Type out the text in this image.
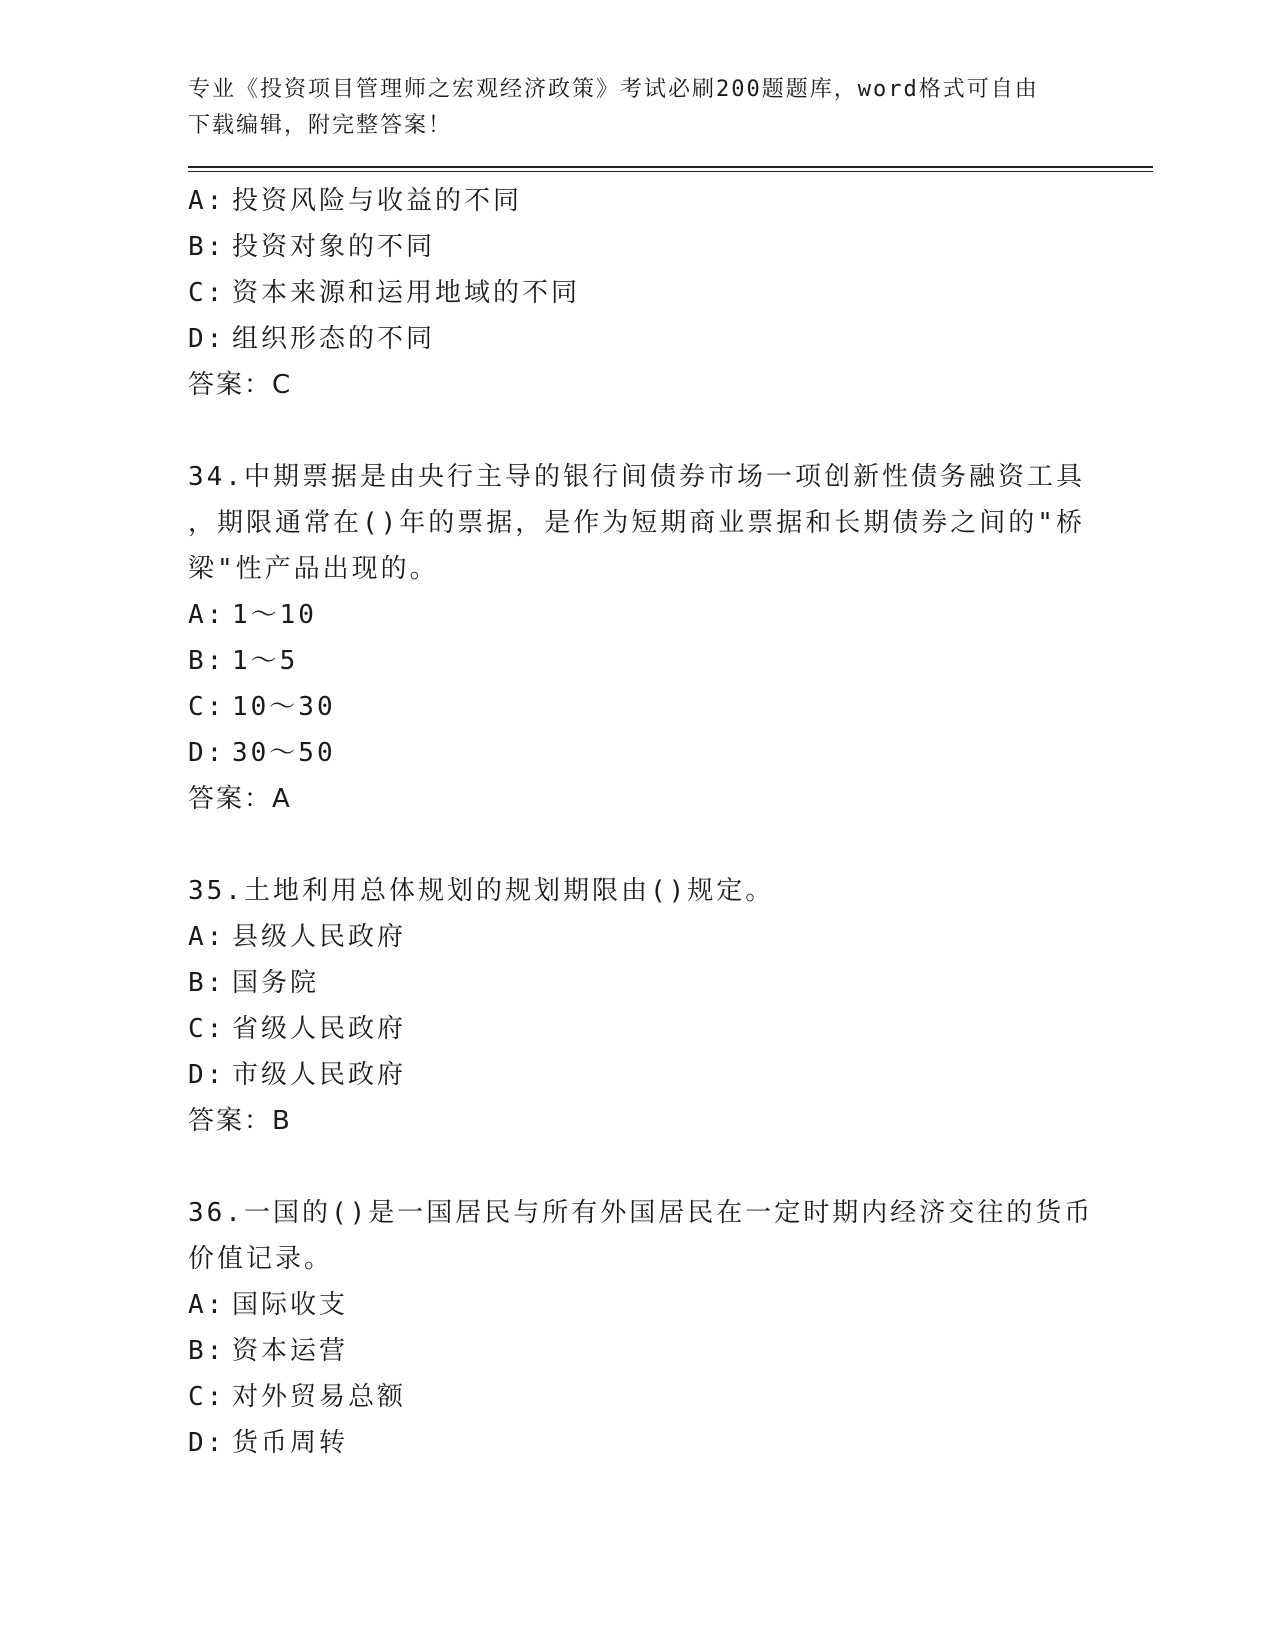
专业《投资项目管理师之宏观经济政策》考试必刷200题题库，word格式可自由

下载编辑，附完整答案！

A: 投资风险与收益的不同

B: 投资对象的不同

C: 资本来源和运用地域的不同

D: 组织形态的不同

答案：C

34.中期票据是由央行主导的银行间债券市场一项创新性债务融资工具

，期限通常在()年的票据，是作为短期商业票据和长期债券之间的"桥

梁"性产品出现的。

A: 1～10

B: 1～5

C: 10～30

D: 30～50

答案：A

35.土地利用总体规划的规划期限由()规定。

A: 县级人民政府

B: 国务院

C: 省级人民政府

D: 市级人民政府

答案：B

36.一国的()是一国居民与所有外国居民在一定时期内经济交往的货币

价值记录。

A: 国际收支

B: 资本运营

C: 对外贸易总额

D: 货币周转
